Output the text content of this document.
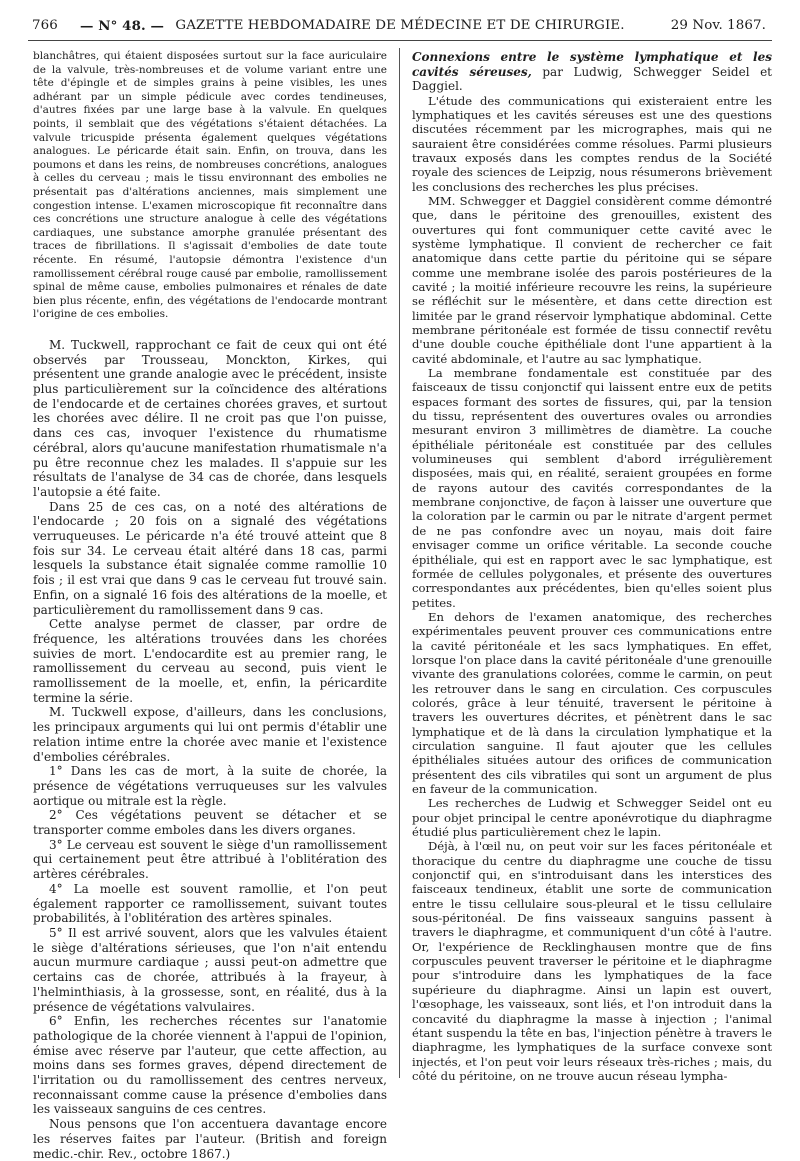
766 — N° 48. — GAZETTE HEBDOMADAIRE DE MÉDECINE ET DE CHIRURGIE.	29 Nov. 1867.

blanchâtres, qui étaient disposées surtout sur la face auriculaire de la valvule, très-nombreuses et de volume variant entre une tête d'épingle et de simples grains à peine visibles, les unes adhérant par un simple pédicule avec cordes tendineuses, d'autres fixées par une large base à la valvule. En quelques points, il semblait que des végétations s'étaient détachées. La valvule tricuspide présenta également quelques végétations analogues. Le péricarde était sain. Enfin, on trouva, dans les poumons et dans les reins, de nombreuses concrétions, analogues à celles du cerveau ; mais le tissu environnant des embolies ne présentait pas d'altérations anciennes, mais simplement une congestion intense. L'examen microscopique fit reconnaître dans ces concrétions une structure analogue à celle des végétations cardiaques, une substance amorphe granulée présentant des traces de fibrillations. Il s'agissait d'embolies de date toute récente. En résumé, l'autopsie démontra l'existence d'un ramollissement cérébral rouge causé par embolie, ramollissement spinal de même cause, embolies pulmonaires et rénales de date bien plus récente, enfin, des végétations de l'endocarde montrant l'origine de ces embolies.

M. Tuckwell, rapprochant ce fait de ceux qui ont été observés par Trousseau, Monckton, Kirkes, qui présentent une grande analogie avec le précédent, insiste plus particulièrement sur la coïncidence des altérations de l'endocarde et de certaines chorées graves, et surtout les chorées avec délire. Il ne croit pas que l'on puisse, dans ces cas, invoquer l'existence du rhumatisme cérébral, alors qu'aucune manifestation rhumatismale n'a pu être reconnue chez les malades. Il s'appuie sur les résultats de l'analyse de 34 cas de chorée, dans lesquels l'autopsie a été faite.

Dans 25 de ces cas, on a noté des altérations de l'endocarde ; 20 fois on a signalé des végétations verruqueuses. Le péricarde n'a été trouvé atteint que 8 fois sur 34. Le cerveau était altéré dans 18 cas, parmi lesquels la substance était signalée comme ramollie 10 fois ; il est vrai que dans 9 cas le cerveau fut trouvé sain. Enfin, on a signalé 16 fois des altérations de la moelle, et particulièrement du ramollissement dans 9 cas.

Cette analyse permet de classer, par ordre de fréquence, les altérations trouvées dans les chorées suivies de mort. L'endocardite est au premier rang, le ramollissement du cerveau au second, puis vient le ramollissement de la moelle, et, enfin, la péricardite termine la série.

M. Tuckwell expose, d'ailleurs, dans les conclusions, les principaux arguments qui lui ont permis d'établir une relation intime entre la chorée avec manie et l'existence d'embolies cérébrales.

1° Dans les cas de mort, à la suite de chorée, la présence de végétations verruqueuses sur les valvules aortique ou mitrale est la règle.

2° Ces végétations peuvent se détacher et se transporter comme emboles dans les divers organes.

3° Le cerveau est souvent le siège d'un ramollissement qui certainement peut être attribué à l'oblitération des artères cérébrales.

4° La moelle est souvent ramollie, et l'on peut également rapporter ce ramollissement, suivant toutes probabilités, à l'oblitération des artères spinales.

5° Il est arrivé souvent, alors que les valvules étaient le siège d'altérations sérieuses, que l'on n'ait entendu aucun murmure cardiaque ; aussi peut-on admettre que certains cas de chorée, attribués à la frayeur, à l'helminthiasis, à la grossesse, sont, en réalité, dus à la présence de végétations valvulaires.

6° Enfin, les recherches récentes sur l'anatomie pathologique de la chorée viennent à l'appui de l'opinion, émise avec réserve par l'auteur, que cette affection, au moins dans ses formes graves, dépend directement de l'irritation ou du ramollissement des centres nerveux, reconnaissant comme cause la présence d'embolies dans les vaisseaux sanguins de ces centres.

Nous pensons que l'on accentuera davantage encore les réserves faites par l'auteur. (British and foreign medic.-chir. Rev., octobre 1867.)

Connexions entre le système lymphatique et les cavités séreuses, par Ludwig, Schwegger Seidel et Daggiel.

L'étude des communications qui existeraient entre les lymphatiques et les cavités séreuses est une des questions discutées récemment par les micrographes, mais qui ne sauraient être considérées comme résolues. Parmi plusieurs travaux exposés dans les comptes rendus de la Société royale des sciences de Leipzig, nous résumerons brièvement les conclusions des recherches les plus précises.

MM. Schwegger et Daggiel considèrent comme démontré que, dans le péritoine des grenouilles, existent des ouvertures qui font communiquer cette cavité avec le système lymphatique. Il convient de rechercher ce fait anatomique dans cette partie du péritoine qui se sépare comme une membrane isolée des parois postérieures de la cavité ; la moitié inférieure recouvre les reins, la supérieure se réfléchit sur le mésentère, et dans cette direction est limitée par le grand réservoir lymphatique abdominal. Cette membrane péritonéale est formée de tissu connectif revêtu d'une double couche épithéliale dont l'une appartient à la cavité abdominale, et l'autre au sac lymphatique.

La membrane fondamentale est constituée par des faisceaux de tissu conjonctif qui laissent entre eux de petits espaces formant des sortes de fissures, qui, par la tension du tissu, représentent des ouvertures ovales ou arrondies mesurant environ 3 millimètres de diamètre. La couche épithéliale péritonéale est constituée par des cellules volumineuses qui semblent d'abord irrégulièrement disposées, mais qui, en réalité, seraient groupées en forme de rayons autour des cavités correspondantes de la membrane conjonctive, de façon à laisser une ouverture que la coloration par le carmin ou par le nitrate d'argent permet de ne pas confondre avec un noyau, mais doit faire envisager comme un orifice véritable. La seconde couche épithéliale, qui est en rapport avec le sac lymphatique, est formée de cellules polygonales, et présente des ouvertures correspondantes aux précédentes, bien qu'elles soient plus petites.

En dehors de l'examen anatomique, des recherches expérimentales peuvent prouver ces communications entre la cavité péritonéale et les sacs lymphatiques. En effet, lorsque l'on place dans la cavité péritonéale d'une grenouille vivante des granulations colorées, comme le carmin, on peut les retrouver dans le sang en circulation. Ces corpuscules colorés, grâce à leur ténuité, traversent le péritoine à travers les ouvertures décrites, et pénètrent dans le sac lymphatique et de là dans la circulation lymphatique et la circulation sanguine. Il faut ajouter que les cellules épithéliales situées autour des orifices de communication présentent des cils vibratiles qui sont un argument de plus en faveur de la communication.

Les recherches de Ludwig et Schwegger Seidel ont eu pour objet principal le centre aponévrotique du diaphragme étudié plus particulièrement chez le lapin.

Déjà, à l'œil nu, on peut voir sur les faces péritonéale et thoracique du centre du diaphragme une couche de tissu conjonctif qui, en s'introduisant dans les interstices des faisceaux tendineux, établit une sorte de communication entre le tissu cellulaire sous-pleural et le tissu cellulaire sous-péritonéal. De fins vaisseaux sanguins passent à travers le diaphragme, et communiquent d'un côté à l'autre. Or, l'expérience de Recklinghausen montre que de fins corpuscules peuvent traverser le péritoine et le diaphragme pour s'introduire dans les lymphatiques de la face supérieure du diaphragme. Ainsi un lapin est ouvert, l'œsophage, les vaisseaux, sont liés, et l'on introduit dans la concavité du diaphragme la masse à injection ; l'animal étant suspendu la tête en bas, l'injection pénètre à travers le diaphragme, les lymphatiques de la surface convexe sont injectés, et l'on peut voir leurs réseaux très-riches ; mais, du côté du péritoine, on ne trouve aucun réseau lympha-
